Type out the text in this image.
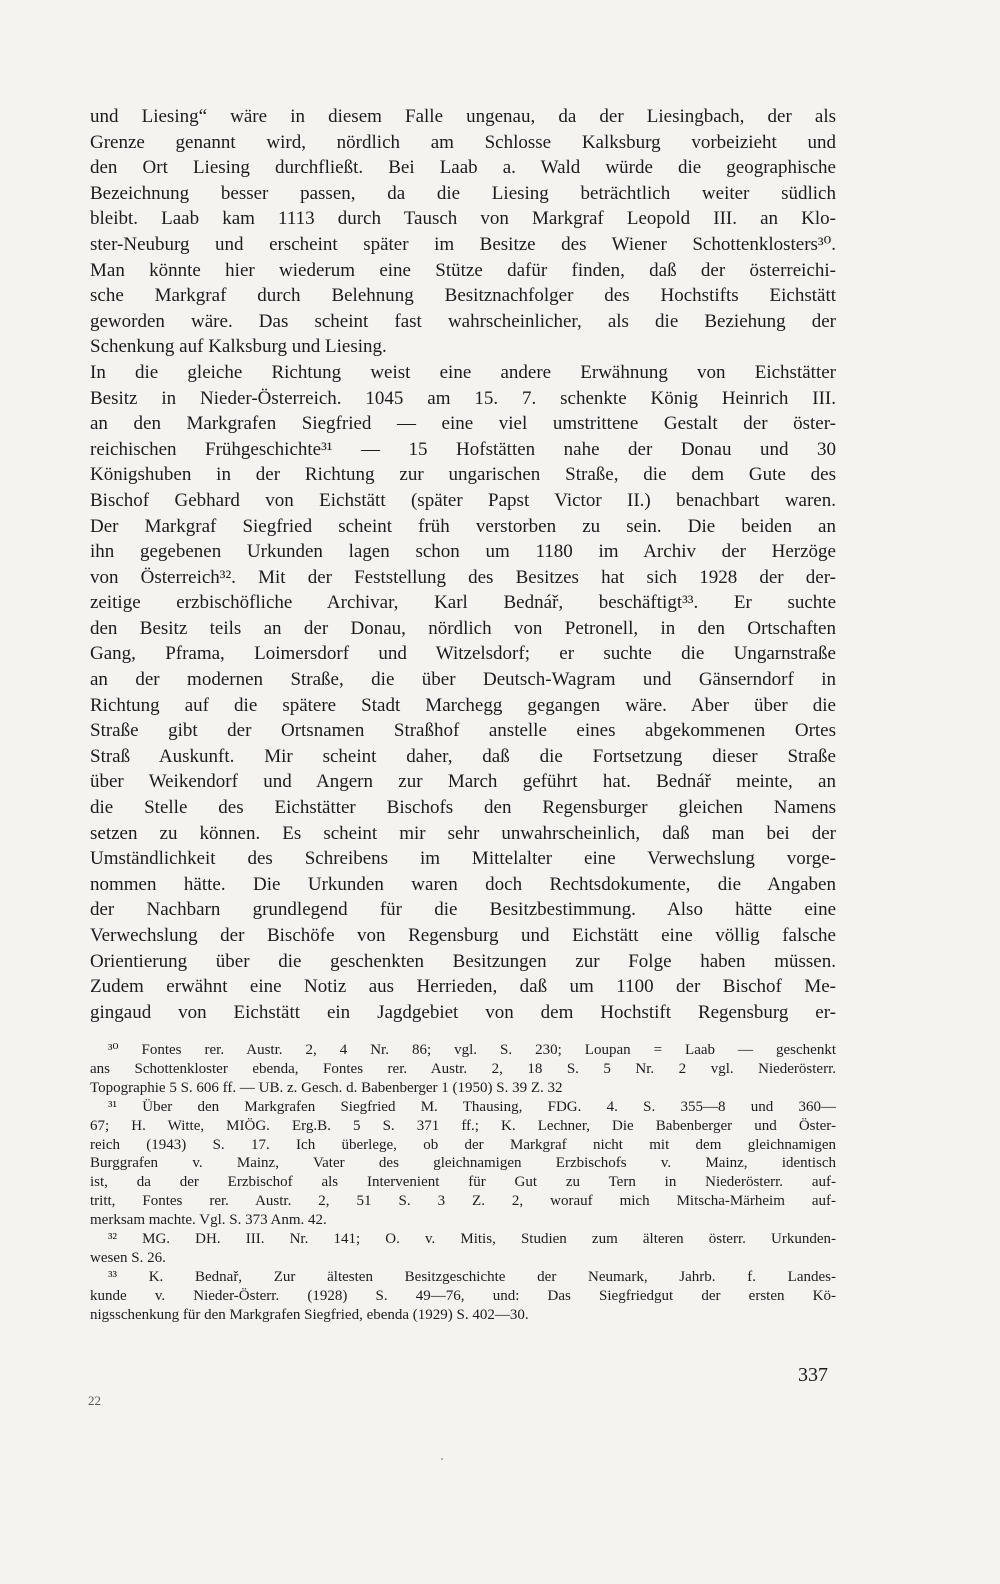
und Liesing“ wäre in diesem Falle ungenau, da der Liesingbach, der als
Grenze genannt wird, nördlich am Schlosse Kalksburg vorbeizieht und
den Ort Liesing durchfließt. Bei Laab a. Wald würde die geographische
Bezeichnung besser passen, da die Liesing beträchtlich weiter südlich
bleibt. Laab kam 1113 durch Tausch von Markgraf Leopold III. an Klo-
ster-Neuburg und erscheint später im Besitze des Wiener Schottenklosters³⁰.
Man könnte hier wiederum eine Stütze dafür finden, daß der österreichi-
sche Markgraf durch Belehnung Besitznachfolger des Hochstifts Eichstätt
geworden wäre. Das scheint fast wahrscheinlicher, als die Beziehung der
Schenkung auf Kalksburg und Liesing.
In die gleiche Richtung weist eine andere Erwähnung von Eichstätter
Besitz in Nieder-Österreich. 1045 am 15. 7. schenkte König Heinrich III.
an den Markgrafen Siegfried — eine viel umstrittene Gestalt der öster-
reichischen Frühgeschichte³¹ — 15 Hofstätten nahe der Donau und 30
Königshuben in der Richtung zur ungarischen Straße, die dem Gute des
Bischof Gebhard von Eichstätt (später Papst Victor II.) benachbart waren.
Der Markgraf Siegfried scheint früh verstorben zu sein. Die beiden an
ihn gegebenen Urkunden lagen schon um 1180 im Archiv der Herzöge
von Österreich³². Mit der Feststellung des Besitzes hat sich 1928 der der-
zeitige erzbischöfliche Archivar, Karl Bednář, beschäftigt³³. Er suchte
den Besitz teils an der Donau, nördlich von Petronell, in den Ortschaften
Gang, Pframa, Loimersdorf und Witzelsdorf; er suchte die Ungarnstraße
an der modernen Straße, die über Deutsch-Wagram und Gänserndorf in
Richtung auf die spätere Stadt Marchegg gegangen wäre. Aber über die
Straße gibt der Ortsnamen Straßhof anstelle eines abgekommenen Ortes
Straß Auskunft. Mir scheint daher, daß die Fortsetzung dieser Straße
über Weikendorf und Angern zur March geführt hat. Bednář meinte, an
die Stelle des Eichstätter Bischofs den Regensburger gleichen Namens
setzen zu können. Es scheint mir sehr unwahrscheinlich, daß man bei der
Umständlichkeit des Schreibens im Mittelalter eine Verwechslung vorge-
nommen hätte. Die Urkunden waren doch Rechtsdokumente, die Angaben
der Nachbarn grundlegend für die Besitzbestimmung. Also hätte eine
Verwechslung der Bischöfe von Regensburg und Eichstätt eine völlig falsche
Orientierung über die geschenkten Besitzungen zur Folge haben müssen.
Zudem erwähnt eine Notiz aus Herrieden, daß um 1100 der Bischof Me-
gingaud von Eichstätt ein Jagdgebiet von dem Hochstift Regensburg er-
³⁰ Fontes rer. Austr. 2, 4 Nr. 86; vgl. S. 230; Loupan = Laab — geschenkt
ans Schottenkloster ebenda, Fontes rer. Austr. 2, 18 S. 5 Nr. 2 vgl. Niederösterr.
Topographie 5 S. 606 ff. — UB. z. Gesch. d. Babenberger 1 (1950) S. 39 Z. 32
³¹ Über den Markgrafen Siegfried M. Thausing, FDG. 4. S. 355—8 und 360—
67; H. Witte, MIÖG. Erg.B. 5 S. 371 ff.; K. Lechner, Die Babenberger und Öster-
reich (1943) S. 17. Ich überlege, ob der Markgraf nicht mit dem gleichnamigen
Burggrafen v. Mainz, Vater des gleichnamigen Erzbischofs v. Mainz, identisch
ist, da der Erzbischof als Intervenient für Gut zu Tern in Niederösterr. auf-
tritt, Fontes rer. Austr. 2, 51 S. 3 Z. 2, worauf mich Mitscha-Märheim auf-
merksam machte. Vgl. S. 373 Anm. 42.
³² MG. DH. III. Nr. 141; O. v. Mitis, Studien zum älteren österr. Urkunden-
wesen S. 26.
³³ K. Bednař, Zur ältesten Besitzgeschichte der Neumark, Jahrb. f. Landes-
kunde v. Nieder-Österr. (1928) S. 49—76, und: Das Siegfriedgut der ersten Kö-
nigsschenkung für den Markgrafen Siegfried, ebenda (1929) S. 402—30.
337
22
